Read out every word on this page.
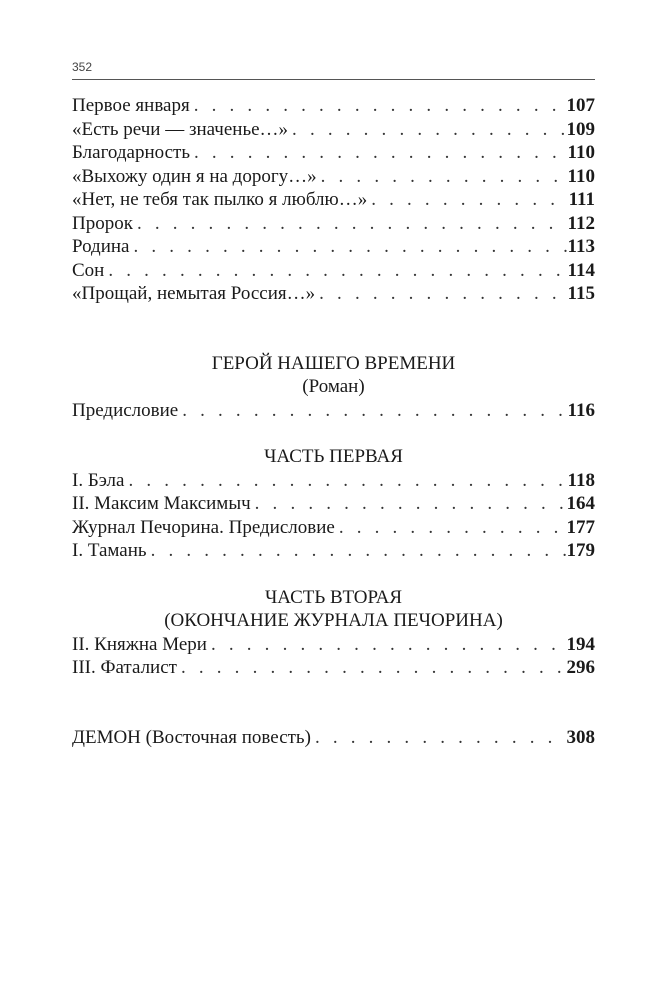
352
Первое января . . .	107
«Есть речи — значенье…» . . .	109
Благодарность . . .	110
«Выхожу один я на дорогу…» . . .	110
«Нет, не тебя так пылко я люблю…» . . .	111
Пророк . . .	112
Родина . . .	113
Сон . . .	114
«Прощай, немытая Россия…» . . .	115
ГЕРОЙ НАШЕГО ВРЕМЕНИ
(Роман)
Предисловие . . .	116
ЧАСТЬ ПЕРВАЯ
I. Бэла . . .	118
II. Максим Максимыч . . .	164
Журнал Печорина. Предисловие . . .	177
I. Тамань . . .	179
ЧАСТЬ ВТОРАЯ
(ОКОНЧАНИЕ ЖУРНАЛА ПЕЧОРИНА)
II. Княжна Мери . . .	194
III. Фаталист . . .	296
ДЕМОН (Восточная повесть) . . .	308
